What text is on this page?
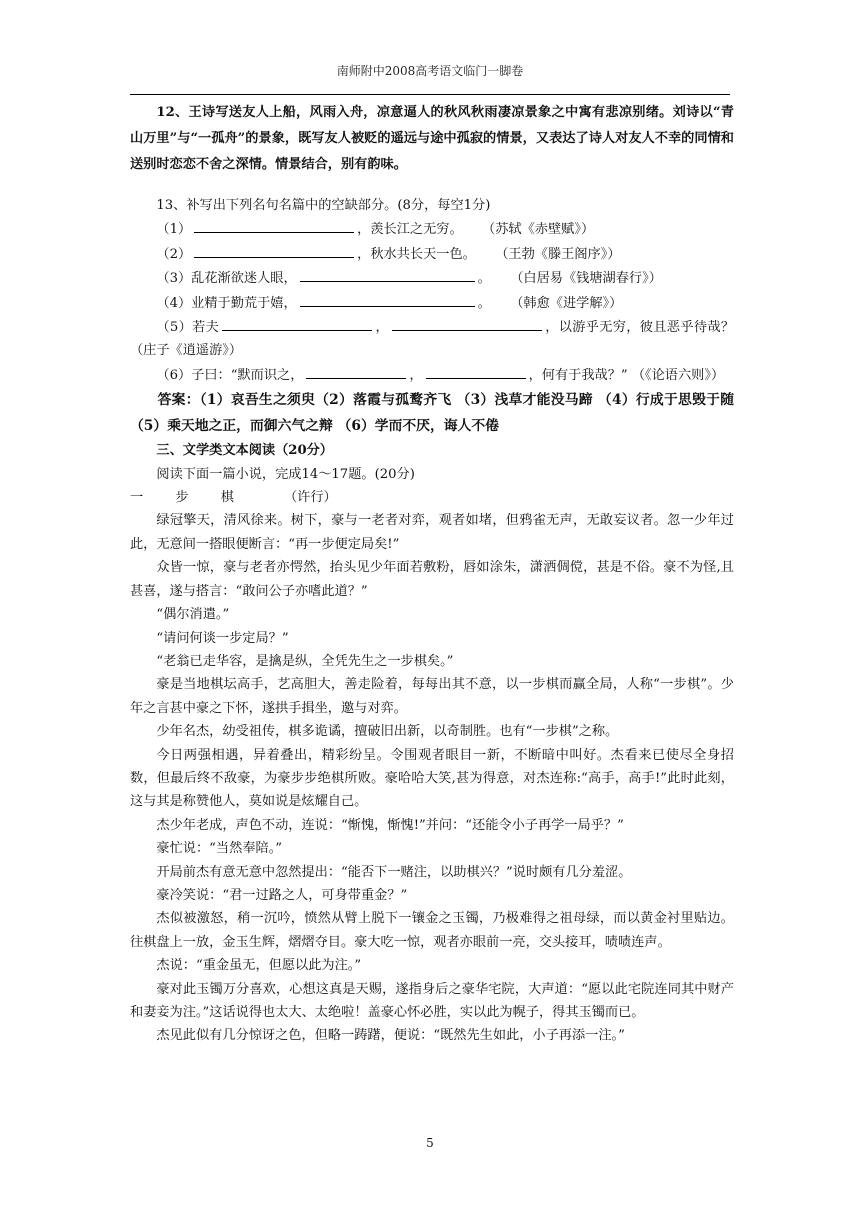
南师附中2008高考语文临门一脚卷

12、王诗写送友人上船，风雨入舟，凉意逼人的秋风秋雨凄凉景象之中寓有悲凉别绪。刘诗以“青山万里”与“一孤舟”的景象，既写友人被贬的遥远与途中孤寂的情景，又表达了诗人对友人不幸的同情和送别时恋恋不舍之深情。情景结合，别有韵味。

13、补写出下列名句名篇中的空缺部分。(8分，每空1分)

（1）	，羡长江之无穷。 （苏轼《赤壁赋》）

（2）	，秋水共长天一色。 （王勃《滕王阁序》）

（3）乱花渐欲迷人眼，	。 （白居易《钱塘湖春行》）

（4）业精于勤荒于嬉，	。 （韩愈《进学解》）

（5）若夫	，	，以游乎无穷，彼且恶乎待哉？ （庄子《逍遥游》）

（6）子曰：“默而识之，	，	，何有于我哉？” （《论语六则》）

答案：（1）哀吾生之须臾（2）落霞与孤鹜齐飞 （3）浅草才能没马蹄 （4）行成于思毁于随 （5）乘天地之正，而御六气之辩 （6）学而不厌，诲人不倦

三、文学类文本阅读（20分）

阅读下面一篇小说，完成14～17题。(20分)

一 步 棋	（许行）

绿冠擎天，清风徐来。树下，豪与一老者对弈，观者如堵，但鸦雀无声，无敢妄议者。忽一少年过此，无意间一搭眼便断言：“再一步便定局矣!”

众皆一惊，豪与老者亦愕然，抬头见少年面若敷粉，唇如涂朱，潇洒倜傥，甚是不俗。豪不为怪,且甚喜，遂与搭言：“敢问公子亦嗜此道？”

“偶尔消遣。”

“请问何谈一步定局？”

“老翁已走华容，是擒是纵，全凭先生之一步棋矣。”

豪是当地棋坛高手，艺高胆大，善走险着，每每出其不意，以一步棋而赢全局，人称“一步棋”。少年之言甚中豪之下怀，遂拱手揖坐，邀与对弈。

少年名杰，幼受祖传，棋多诡谲，擅破旧出新，以奇制胜。也有“一步棋”之称。

今日两强相遇，异着叠出，精彩纷呈。令围观者眼目一新，不断暗中叫好。杰看来已使尽全身招数，但最后终不敌豪，为豪步步绝棋所败。豪哈哈大笑,甚为得意，对杰连称:“高手，高手!”此时此刻，这与其是称赞他人，莫如说是炫耀自己。

杰少年老成，声色不动，连说：“惭愧，惭愧!”并问：“还能令小子再学一局乎？”

豪忙说：“当然奉陪。”

开局前杰有意无意中忽然提出：“能否下一赌注，以助棋兴？”说时颇有几分羞涩。

豪冷笑说：“君一过路之人，可身带重金？”

杰似被激怒，稍一沉吟，愤然从臂上脱下一镶金之玉镯，乃极难得之祖母绿，而以黄金衬里贴边。往棋盘上一放，金玉生辉，熠熠夺目。豪大吃一惊，观者亦眼前一亮，交头接耳，啧啧连声。

杰说：“重金虽无，但愿以此为注。”

豪对此玉镯万分喜欢，心想这真是天赐，遂指身后之豪华宅院，大声道：“愿以此宅院连同其中财产和妻妾为注。”这话说得也太大、太绝啦！盖豪心怀必胜，实以此为幌子，得其玉镯而已。

杰见此似有几分惊讶之色，但略一踌躇，便说：“既然先生如此，小子再添一注。”

5
